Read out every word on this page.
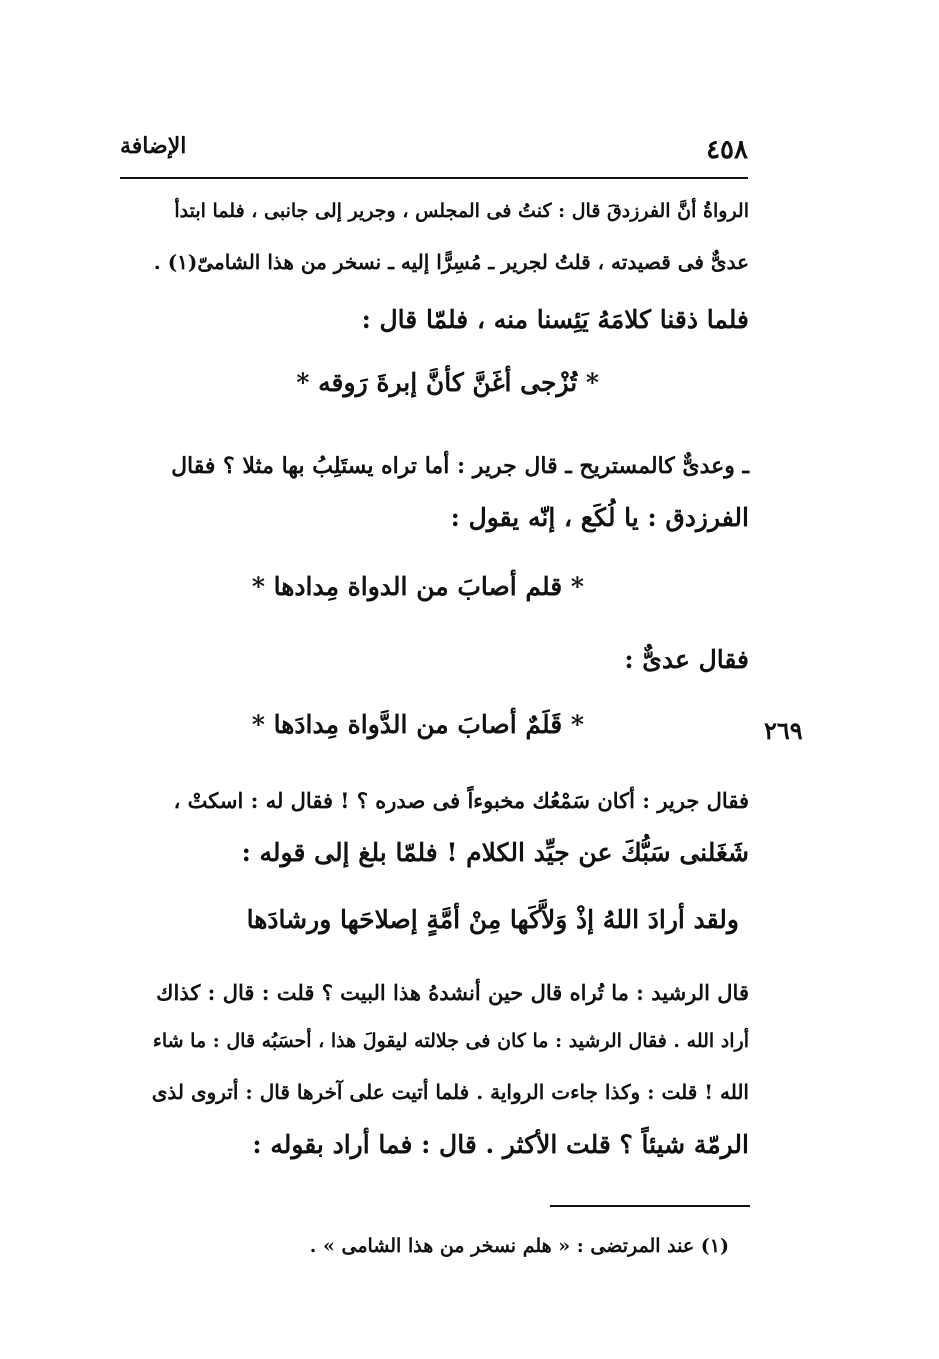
الإضافة	٤٥٨
٢٦٩
الرواةُ أنَّ الفرزدقَ قال : كنتُ فى المجلس ، وجرير إلى جانبى ، فلما ابتدأ
عدىٌّ فى قصيدته ، قلتُ لجرير ـ مُسِرًّا إليه ـ نسخر من هذا الشامىّ(١) .
فلما ذقنا كلامَهُ يَئِسنا منه ، فلمّا قال :
* تُزْجى أغَنَّ كأنَّ إبرةَ رَوقه *
ـ وعدىٌّ كالمستريح ـ قال جرير : أما تراه يستَلِبُ بها مثلا ؟ فقال
الفرزدق : يا لُكَع ، إنّه يقول :
* قلم أصابَ من الدواة مِدادها *
فقال عدىٌّ :
* قَلَمٌ أصابَ من الدَّواة مِدادَها *
فقال جرير : أكان سَمْعُك مخبوءاً فى صدره ؟ ! فقال له : اسكتْ ،
شَغَلنى سَبُّكَ عن جيِّد الكلام ! فلمّا بلغ إلى قوله :
ولقد أرادَ اللهُ إذْ وَلاَّكَها مِنْ أمَّةٍ إصلاحَها ورشادَها
قال الرشيد : ما تُراه قال حين أنشدهُ هذا البيت ؟ قلت : قال : كذاك
أراد الله . فقال الرشيد : ما كان فى جلالته ليقولَ هذا ، أحسَبُه قال : ما شاء
الله ! قلت : وكذا جاءت الرواية . فلما أتيت على آخرها قال : أتروى لذى
الرمّة شيئاً ؟ قلت الأكثر . قال : فما أراد بقوله :
(١) عند المرتضى : « هلم نسخر من هذا الشامى » .
